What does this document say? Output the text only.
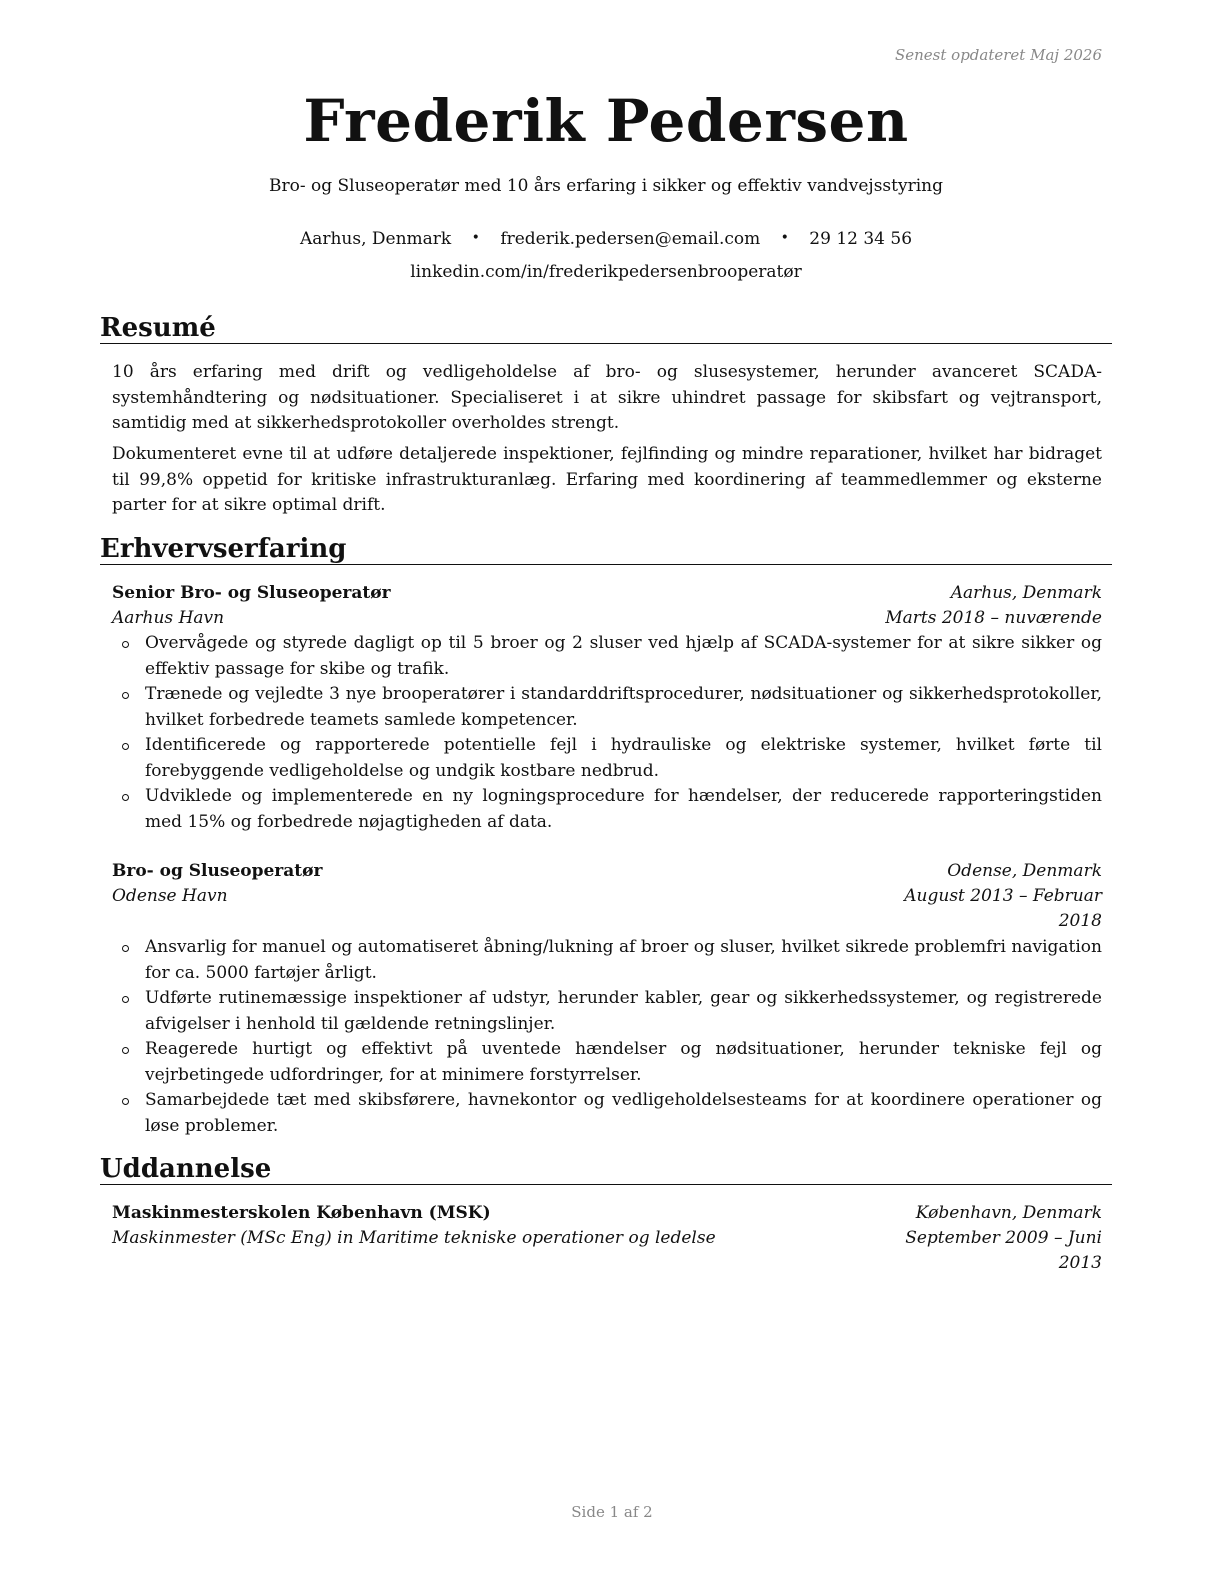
Senest opdateret Maj 2026
Frederik Pedersen
Bro- og Sluseoperatør med 10 års erfaring i sikker og effektiv vandvejsstyring
Aarhus, Denmark • frederik.pedersen@email.com • 29 12 34 56
linkedin.com/in/frederikpedersenbrooperatør
Resumé
10 års erfaring med drift og vedligeholdelse af bro- og slusesystemer, herunder avanceret SCADA-systemhåndtering og nødsituationer. Specialiseret i at sikre uhindret passage for skibsfart og vejtransport, samtidig med at sikkerhedsprotokoller overholdes strengt.
Dokumenteret evne til at udføre detaljerede inspektioner, fejlfinding og mindre reparationer, hvilket har bidraget til 99,8% oppetid for kritiske infrastrukturanlæg. Erfaring med koordinering af teammedlemmer og eksterne parter for at sikre optimal drift.
Erhvervserfaring
Senior Bro- og Sluseoperatør	Aarhus, Denmark
Aarhus Havn	Marts 2018 – nuværende
Overvågede og styrede dagligt op til 5 broer og 2 sluser ved hjælp af SCADA-systemer for at sikre sikker og effektiv passage for skibe og trafik.
Trænede og vejledte 3 nye brooperatører i standarddriftsprocedurer, nødsituationer og sikkerhedsprotokoller, hvilket forbedrede teamets samlede kompetencer.
Identificerede og rapporterede potentielle fejl i hydrauliske og elektriske systemer, hvilket førte til forebyggende vedligeholdelse og undgik kostbare nedbrud.
Udviklede og implementerede en ny logningsprocedure for hændelser, der reducerede rapporteringstiden med 15% og forbedrede nøjagtigheden af data.
Bro- og Sluseoperatør	Odense, Denmark
Odense Havn	August 2013 – Februar
2018
Ansvarlig for manuel og automatiseret åbning/lukning af broer og sluser, hvilket sikrede problemfri navigation for ca. 5000 fartøjer årligt.
Udførte rutinemæssige inspektioner af udstyr, herunder kabler, gear og sikkerhedssystemer, og registrerede afvigelser i henhold til gældende retningslinjer.
Reagerede hurtigt og effektivt på uventede hændelser og nødsituationer, herunder tekniske fejl og vejrbetingede udfordringer, for at minimere forstyrrelser.
Samarbejdede tæt med skibsførere, havnekontor og vedligeholdelsesteams for at koordinere operationer og løse problemer.
Uddannelse
Maskinmesterskolen København (MSK)	København, Denmark
Maskinmester (MSc Eng) in Maritime tekniske operationer og ledelse	September 2009 – Juni
2013
Side 1 af 2
